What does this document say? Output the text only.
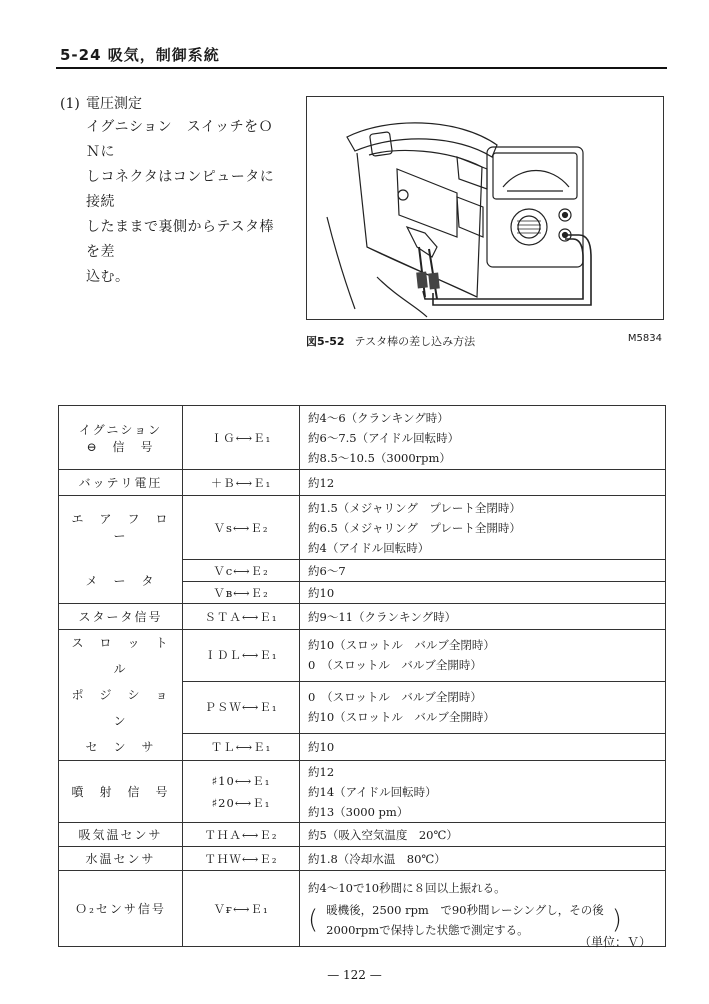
5-24 吸気，制御系統
(1) 電圧測定
イグニション　スイッチをＯＮに
しコネクタはコンピュータに接続
したままで裏側からテスタ棒を差
込む。
図5-52 テスタ棒の差し込み方法	M5834
イグニション
⊖　信　号	ＩＧ⟷Ｅ₁	約4～6（クランキング時）
約6～7.5（アイドル回転時）
約8.5～10.5（3000rpm）

バッテリ電圧	＋Ｂ⟷Ｅ₁	約12

エ　ア　フ　ロ　ー
メ　ー　タ	Ｖs⟷Ｅ₂	約1.5（メジャリング　プレート全閉時）
約6.5（メジャリング　プレート全開時）
約4（アイドル回転時）

	Ｖc⟷Ｅ₂	約6～7
	Ｖʙ⟷Ｅ₂	約10
スタータ信号	ＳＴＡ⟷Ｅ₁	約9～11（クランキング時）

ス　ロ　ッ　ト　ル
ポ　ジ　シ　ョ　ン
セ　ン　サ	ＩＤＬ⟷Ｅ₁	約10（スロットル　バルブ全閉時）
0　（スロットル　バルブ全開時）

	ＰＳＷ⟷Ｅ₁	0　（スロットル　バルブ全閉時）
約10（スロットル　バルブ全開時）

	ＴＬ⟷Ｅ₁	約10
噴　射　信　号	♯10⟷Ｅ₁
♯20⟷Ｅ₁	約12
約14（アイドル回転時）
約13（3000 pm）

吸気温センサ	ＴＨＡ⟷Ｅ₂	約5（吸入空気温度　20℃）
水温センサ	ＴＨＷ⟷Ｅ₂	約1.8（冷却水温　80℃）
Ｏ₂センサ信号	Ｖғ⟷Ｅ₁	約4～10で10秒間に８回以上振れる。
( 暖機後，2500 rpm　で90秒間レーシングし，その後
2000rpmで保持した状態で測定する。 )
（単位：Ｖ）
— 122 —
